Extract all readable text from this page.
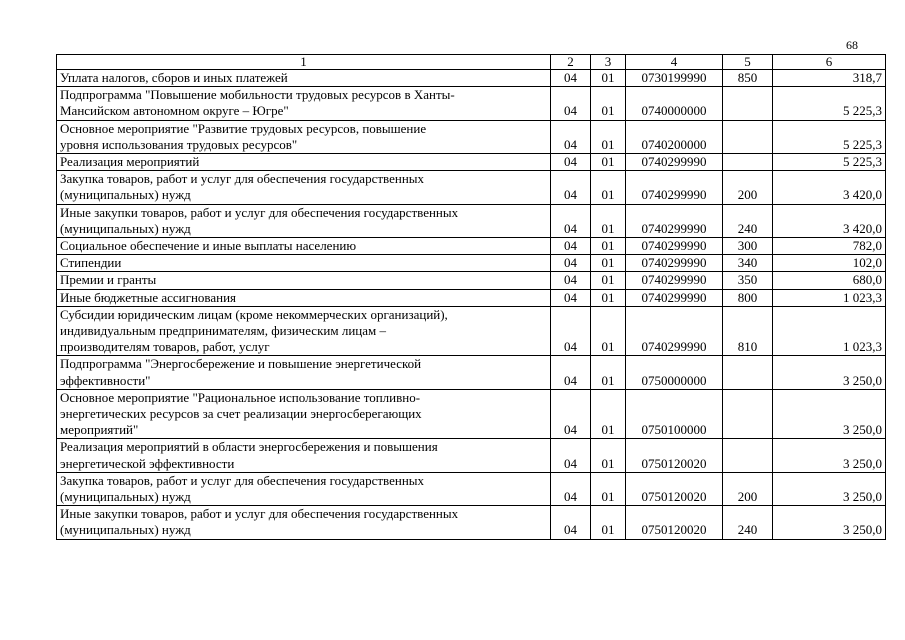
68
1	2	3	4	5	6
Уплата налогов, сборов и иных платежей	04	01	0730199990	850	318,7
Подпрограмма "Повышение мобильности трудовых ресурсов в Ханты-
Мансийском автономном округе – Югре"	04	01	0740000000		5 225,3
Основное мероприятие "Развитие трудовых ресурсов, повышение
уровня использования трудовых ресурсов"	04	01	0740200000		5 225,3
Реализация мероприятий	04	01	0740299990		5 225,3
Закупка товаров, работ и услуг для обеспечения государственных
(муниципальных) нужд	04	01	0740299990	200	3 420,0
Иные закупки товаров, работ и услуг для обеспечения государственных
(муниципальных) нужд	04	01	0740299990	240	3 420,0
Социальное обеспечение и иные выплаты населению	04	01	0740299990	300	782,0
Стипендии	04	01	0740299990	340	102,0
Премии и гранты	04	01	0740299990	350	680,0
Иные бюджетные ассигнования	04	01	0740299990	800	1 023,3
Субсидии юридическим лицам (кроме некоммерческих организаций),
индивидуальным предпринимателям, физическим лицам –
производителям товаров, работ, услуг	04	01	0740299990	810	1 023,3
Подпрограмма "Энергосбережение и повышение энергетической
эффективности"	04	01	0750000000		3 250,0
Основное мероприятие "Рациональное использование топливно-
энергетических ресурсов за счет реализации энергосберегающих
мероприятий"	04	01	0750100000		3 250,0
Реализация мероприятий в области энергосбережения и повышения
энергетической эффективности	04	01	0750120020		3 250,0
Закупка товаров, работ и услуг для обеспечения государственных
(муниципальных) нужд	04	01	0750120020	200	3 250,0
Иные закупки товаров, работ и услуг для обеспечения государственных
(муниципальных) нужд	04	01	0750120020	240	3 250,0
